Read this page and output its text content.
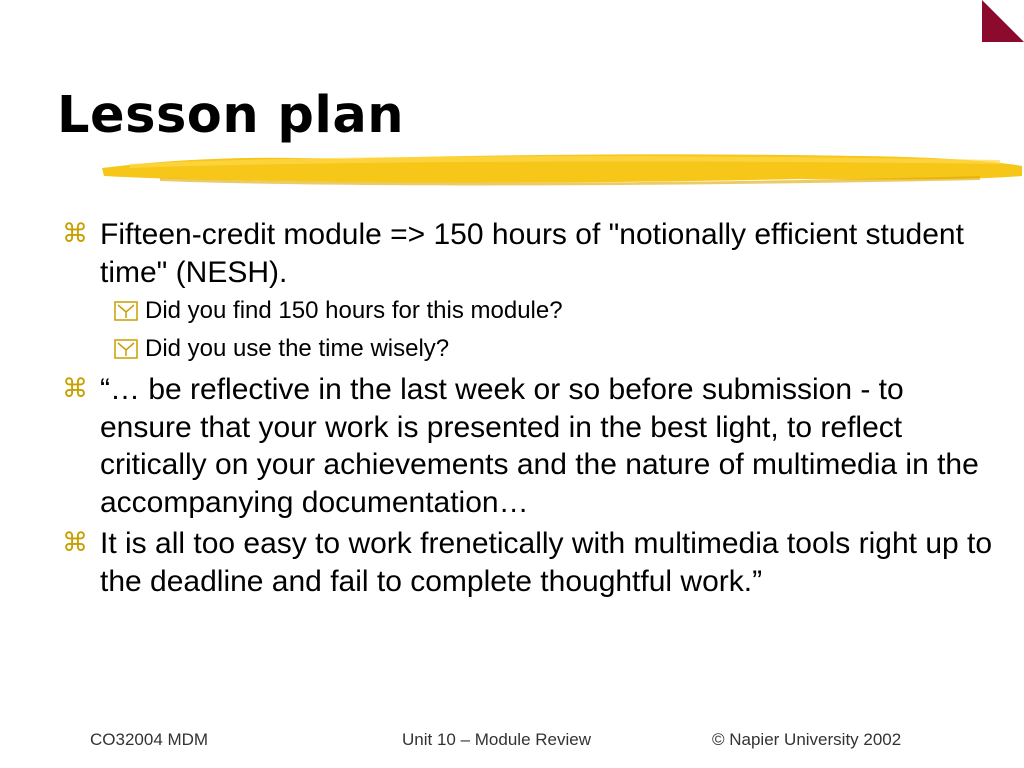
Lesson plan
⌘ Fifteen-credit module => 150 hours of "notionally efficient student time" (NESH).
Did you find 150 hours for this module?
Did you use the time wisely?
⌘ “… be reflective in the last week or so before submission - to ensure that your work is presented in the best light, to reflect critically on your achievements and the nature of multimedia in the accompanying documentation…
⌘ It is all too easy to work frenetically with multimedia tools right up to the deadline and fail to complete thoughtful work.”
CO32004 MDM	Unit 10 – Module Review	© Napier University 2002
